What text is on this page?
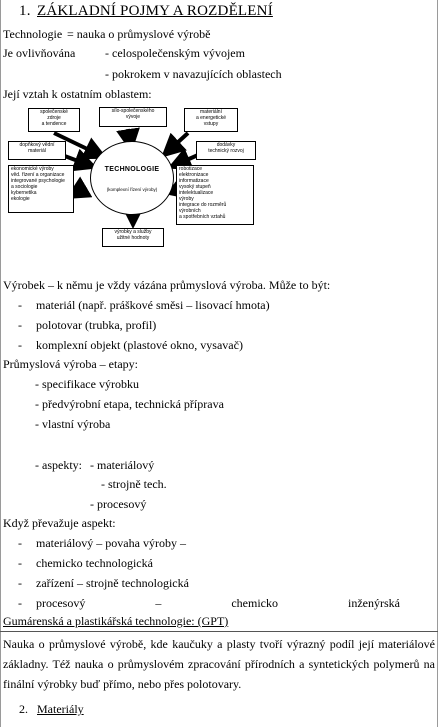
1. ZÁKLADNÍ POJMY A ROZDĚLENÍ
Technologie = nauka o průmyslové výrobě
Je ovlivňována - celospolečenským vývojem
- pokrokem v navazujících oblastech
Její vztah k ostatním oblastem:
společenské
zdroje
a tendence
sílo-společenského
vývoje
materiální
a energetické
vstupy
dopňkový vědní
materiál
dodávky
technický rozvoj
ekonomické výroby
věd. řízení a organizace
integrované psychologie
a sociologie
kybernetika
ekologie
robotizace
elektronizace
informatizace
vysoký stupeň
intelektualizace
výroby
integrace do rozměrů
výrobních
a spotřebních vztahů
výrobky a služby
užitné hodnoty
TECHNOLOGIE
(komplexní řízení výroby)
Výrobek – k němu je vždy vázána průmyslová výroba. Může to být:
- materiál (např. práškové směsi – lisovací hmota)
- polotovar (trubka, profil)
- komplexní objekt (plastové okno, vysavač)
Průmyslová výroba – etapy:
- specifikace výrobku
- předvýrobní etapa, technická příprava
- vlastní výroba
- aspekty: - materiálový
- strojně tech.
- procesový
Když převažuje aspekt:
- materiálový – povaha výroby –
- chemicko technologická
- zařízení – strojně technologická
- procesový	–	chemicko	inženýrská
Gumárenská a plastikářská technologie: (GPT)
Nauka o průmyslové výrobě, kde kaučuky a plasty tvoří výrazný podíl její materiálové
základny. Též nauka o průmyslovém zpracování přírodních a syntetických polymerů na
finální výrobky buď přímo, nebo přes polotovary.
2. Materiály
